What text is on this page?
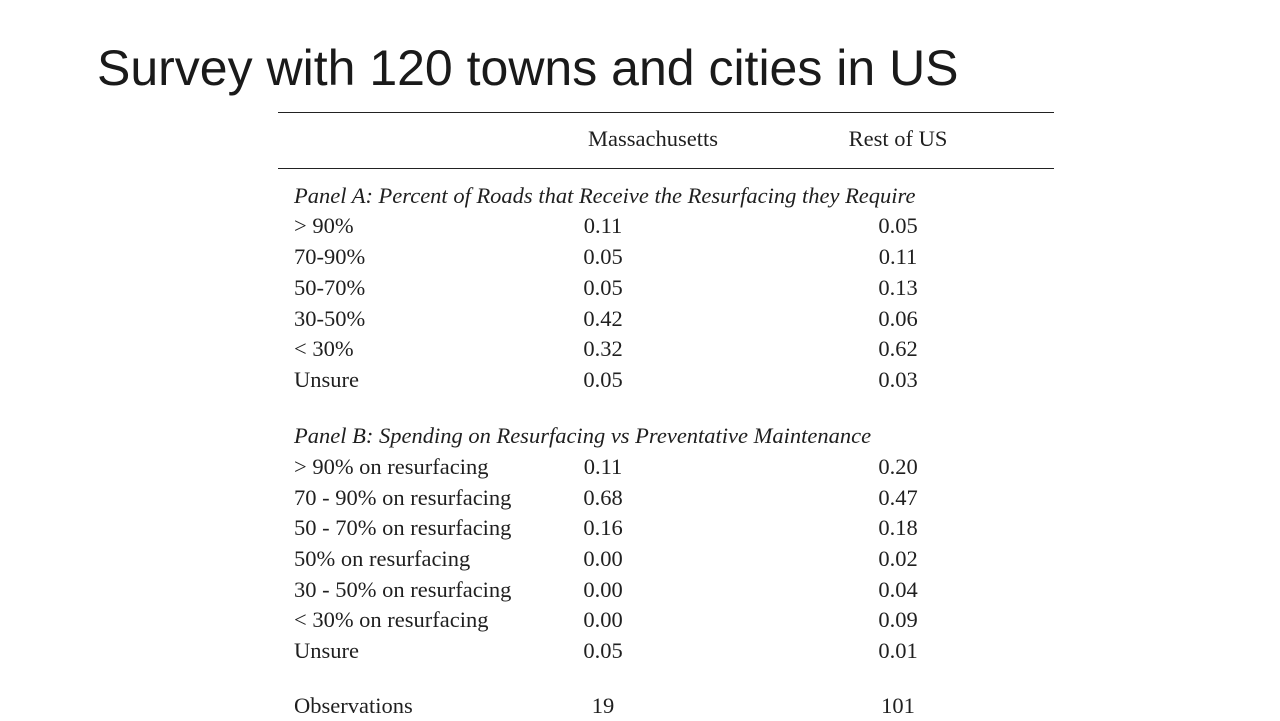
Survey with 120 towns and cities in US
Massachusetts	Rest of US
Panel A: Percent of Roads that Receive the Resurfacing they Require
> 90%	0.11	0.05
70-90%	0.05	0.11
50-70%	0.05	0.13
30-50%	0.42	0.06
< 30%	0.32	0.62
Unsure	0.05	0.03
Panel B: Spending on Resurfacing vs Preventative Maintenance
> 90% on resurfacing	0.11	0.20
70 - 90% on resurfacing	0.68	0.47
50 - 70% on resurfacing	0.16	0.18
50% on resurfacing	0.00	0.02
30 - 50% on resurfacing	0.00	0.04
< 30% on resurfacing	0.00	0.09
Unsure	0.05	0.01
Observations	19	101
